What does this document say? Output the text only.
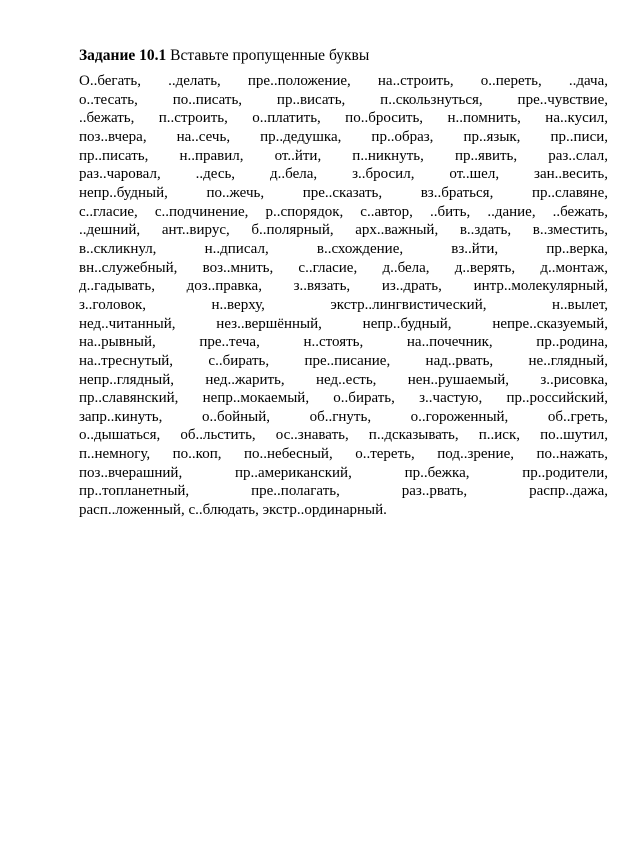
Задание 10.1 Вставьте пропущенные буквы
О..бегать, ..делать, пре..положение, на..строить, о..переть, ..дача,
о..тесать, по..писать, пр..висать, п..скользнуться, пре..чувствие,
..бежать, п..строить, о..платить, по..бросить, н..помнить, на..кусил,
поз..вчера, на..сечь, пр..дедушка, пр..образ, пр..язык, пр..писи,
пр..писать, н..правил, от..йти, п..никнуть, пр..явить, раз..слал,
раз..чаровал, ..десь, д..бела, з..бросил, от..шел, зан..весить,
непр..будный, по..жечь, пре..сказать, вз..браться, пр..славяне,
с..гласие, с..подчинение, р..спорядок, с..автор, ..бить, ..дание, ..бежать,
..дешний, ант..вирус, б..полярный, арх..важный, в..здать, в..зместить,
в..скликнул, н..дписал, в..схождение, вз..йти, пр..верка,
вн..служебный, воз..мнить, с..гласие, д..бела, д..верять, д..монтаж,
д..гадывать, доз..правка, з..вязать, из..драть, интр..молекулярный,
з..головок, н..верху, экстр..лингвистический, н..вылет,
нед..читанный, нез..вершённый, непр..будный, непре..сказуемый,
на..рывный, пре..теча, н..стоять, на..почечник, пр..родина,
на..треснутый, с..бирать, пре..писание, над..рвать, не..глядный,
непр..глядный, нед..жарить, нед..есть, нен..рушаемый, з..рисовка,
пр..славянский, непр..мокаемый, о..бирать, з..частую, пр..российский,
запр..кинуть, о..бойный, об..гнуть, о..гороженный, об..греть,
о..дышаться, об..льстить, ос..знавать, п..дсказывать, п..иск, по..шутил,
п..немногу, по..коп, по..небесный, о..тереть, под..зрение, по..нажать,
поз..вчерашний, пр..американский, пр..бежка, пр..родители,
пр..топланетный, пре..полагать, раз..рвать, распр..дажа,
расп..ложенный, с..блюдать, экстр..ординарный.
